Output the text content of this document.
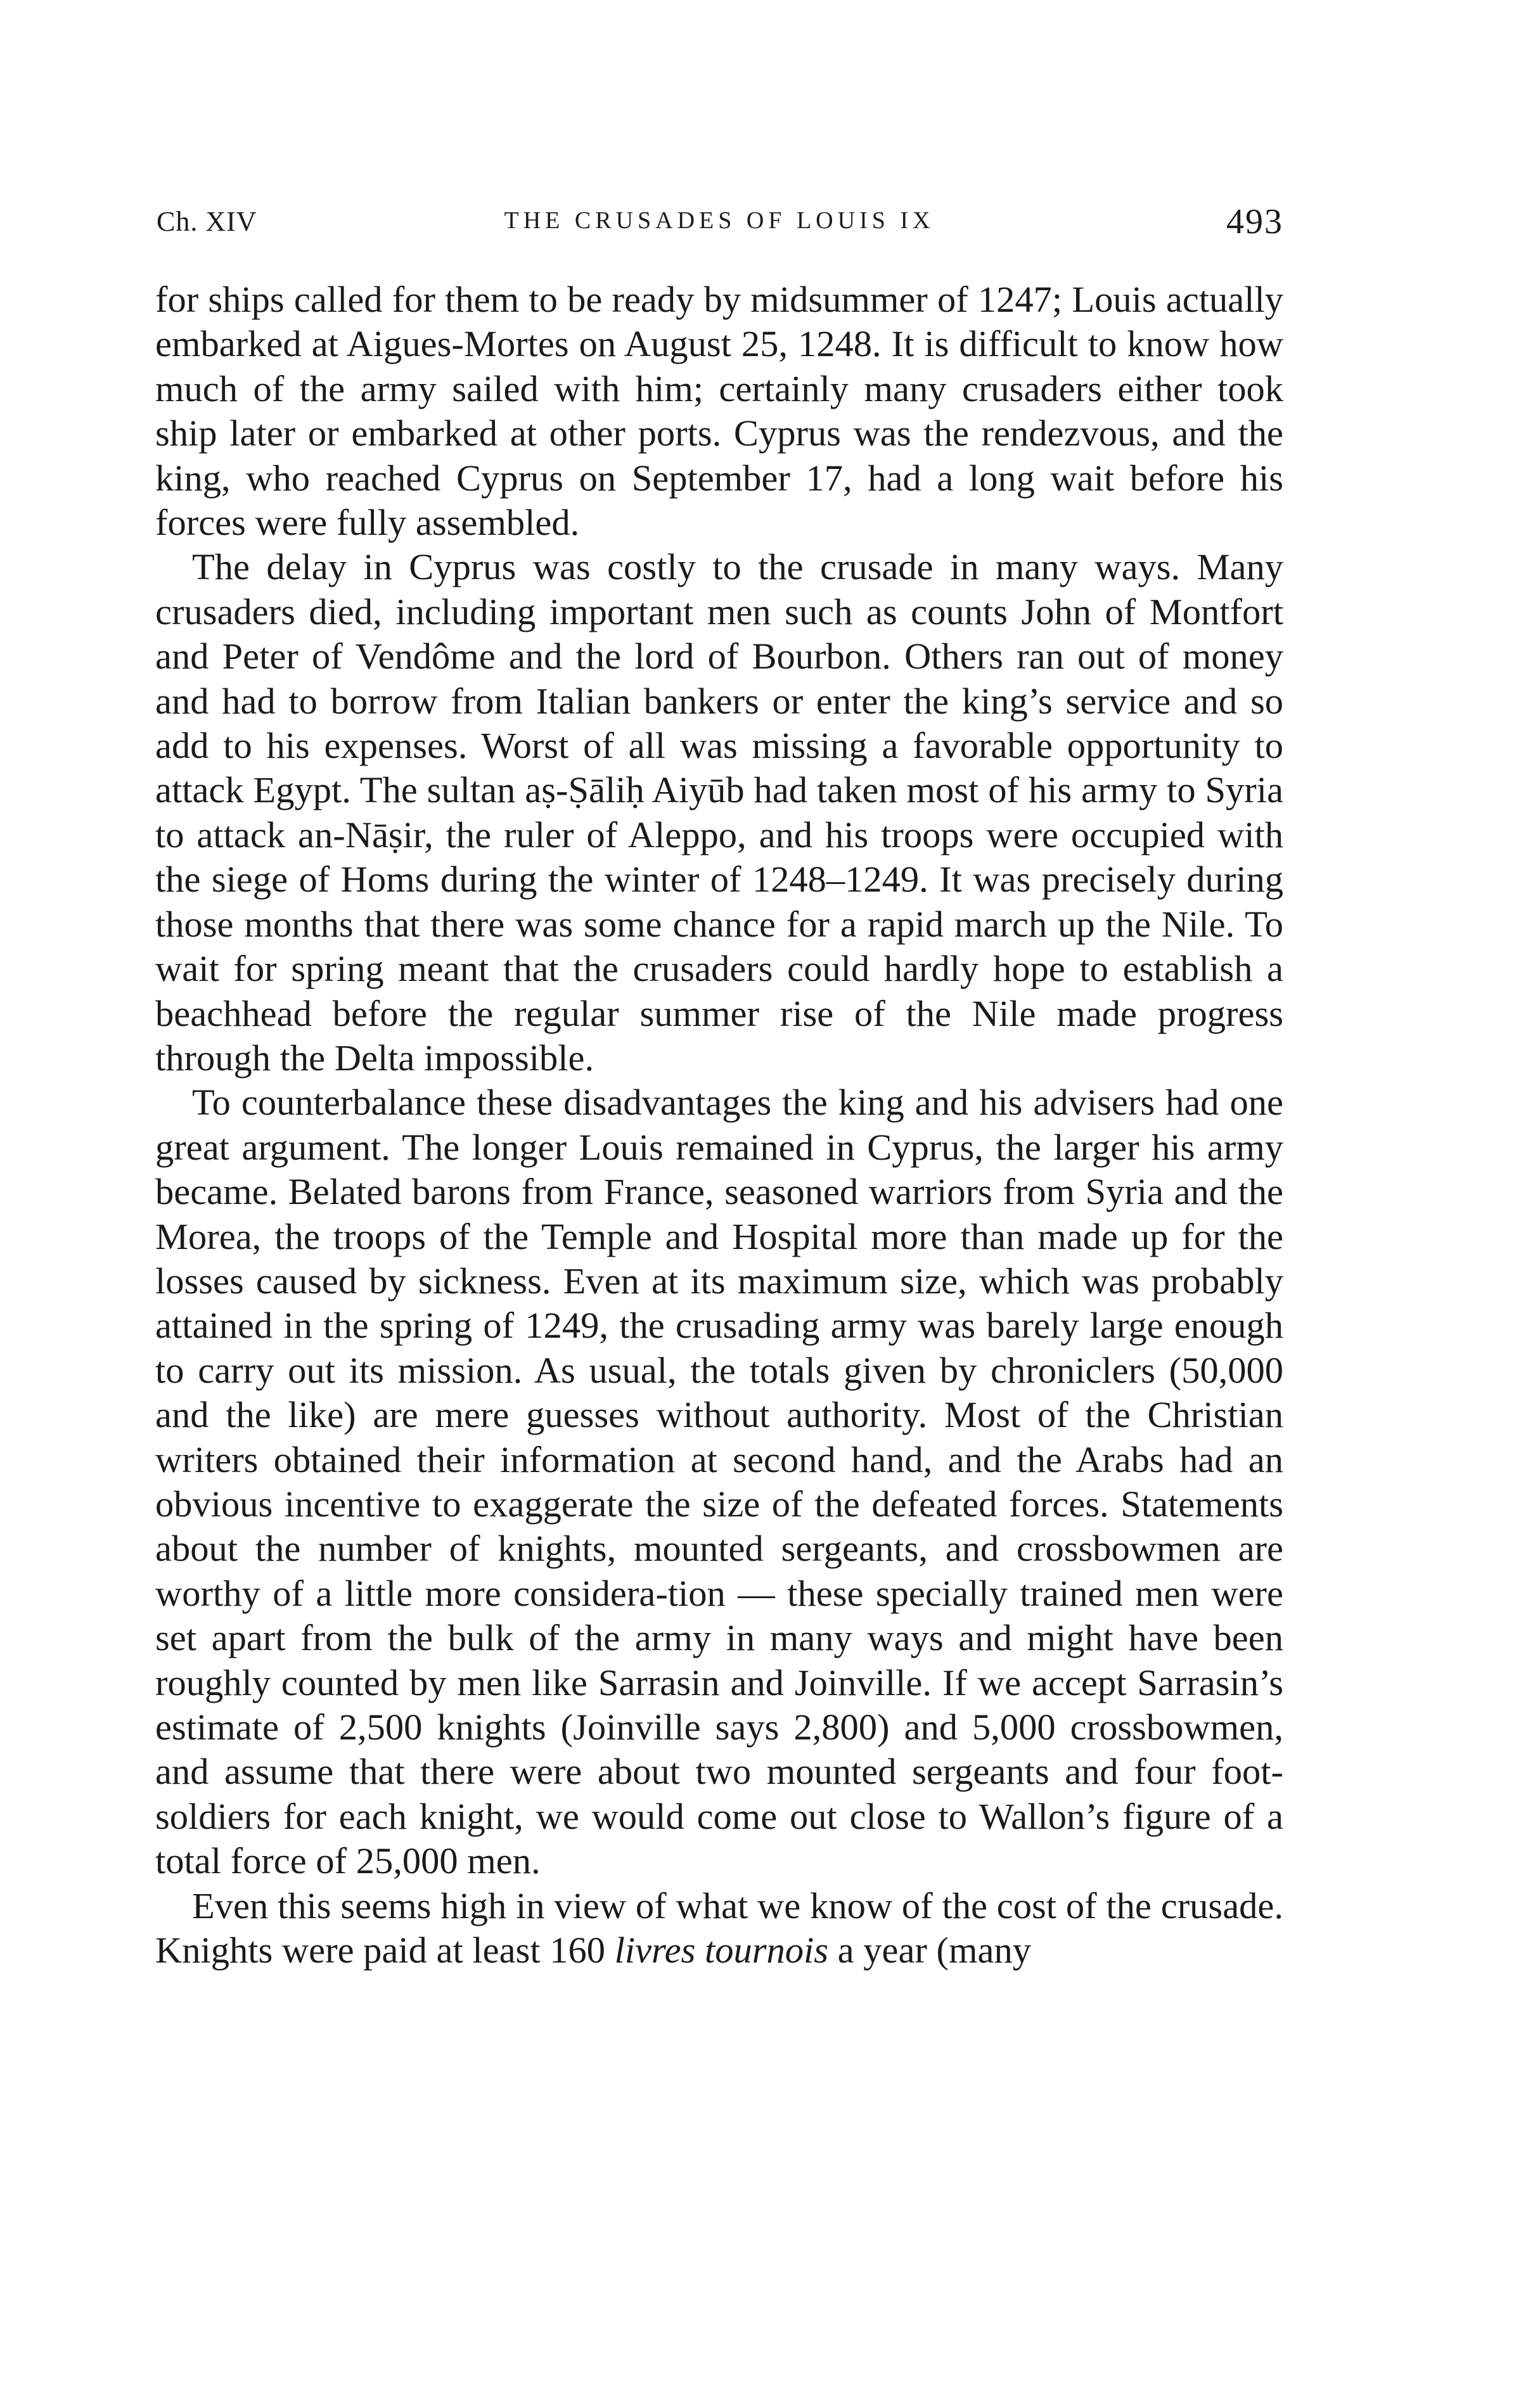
Ch. XIV	THE CRUSADES OF LOUIS IX	493

for ships called for them to be ready by midsummer of 1247; Louis actually embarked at Aigues-Mortes on August 25, 1248. It is difficult to know how much of the army sailed with him; certainly many crusaders either took ship later or embarked at other ports. Cyprus was the rendezvous, and the king, who reached Cyprus on September 17, had a long wait before his forces were fully assembled.

The delay in Cyprus was costly to the crusade in many ways. Many crusaders died, including important men such as counts John of Montfort and Peter of Vendôme and the lord of Bourbon. Others ran out of money and had to borrow from Italian bankers or enter the king’s service and so add to his expenses. Worst of all was missing a favorable opportunity to attack Egypt. The sultan aṣ-Ṣāliḥ Aiyūb had taken most of his army to Syria to attack an-Nāṣir, the ruler of Aleppo, and his troops were occupied with the siege of Homs during the winter of 1248–1249. It was precisely during those months that there was some chance for a rapid march up the Nile. To wait for spring meant that the crusaders could hardly hope to establish a beachhead before the regular summer rise of the Nile made progress through the Delta impossible.

To counterbalance these disadvantages the king and his advisers had one great argument. The longer Louis remained in Cyprus, the larger his army became. Belated barons from France, seasoned warriors from Syria and the Morea, the troops of the Temple and Hospital more than made up for the losses caused by sickness. Even at its maximum size, which was probably attained in the spring of 1249, the crusading army was barely large enough to carry out its mission. As usual, the totals given by chroniclers (50,000 and the like) are mere guesses without authority. Most of the Christian writers obtained their information at second hand, and the Arabs had an obvious incentive to exaggerate the size of the defeated forces. Statements about the number of knights, mounted sergeants, and crossbowmen are worthy of a little more considera-tion — these specially trained men were set apart from the bulk of the army in many ways and might have been roughly counted by men like Sarrasin and Joinville. If we accept Sarrasin’s estimate of 2,500 knights (Joinville says 2,800) and 5,000 crossbowmen, and assume that there were about two mounted sergeants and four foot-soldiers for each knight, we would come out close to Wallon’s figure of a total force of 25,000 men.

Even this seems high in view of what we know of the cost of the crusade. Knights were paid at least 160 livres tournois a year (many
